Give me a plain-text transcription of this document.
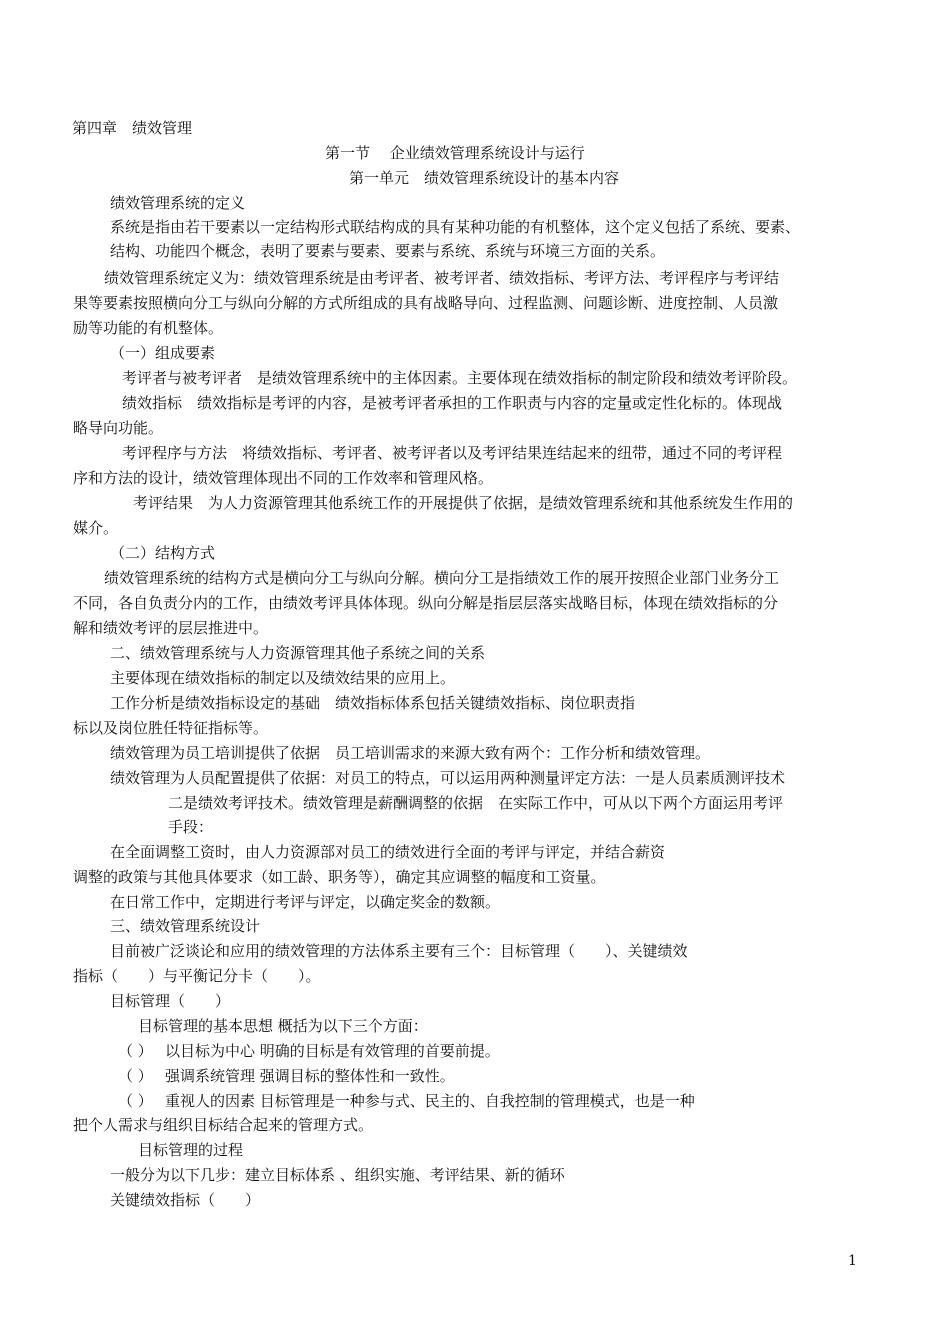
第四章　绩效管理
第一节　 企业绩效管理系统设计与运行
第一单元　绩效管理系统设计的基本内容
绩效管理系统的定义
系统是指由若干要素以一定结构形式联结构成的具有某种功能的有机整体，这个定义包括了系统、要素、
结构、功能四个概念，表明了要素与要素、要素与系统、系统与环境三方面的关系。
绩效管理系统定义为：绩效管理系统是由考评者、被考评者、绩效指标、考评方法、考评程序与考评结
果等要素按照横向分工与纵向分解的方式所组成的具有战略导向、过程监测、问题诊断、进度控制、人员激
励等功能的有机整体。
（一）组成要素
考评者与被考评者　是绩效管理系统中的主体因素。主要体现在绩效指标的制定阶段和绩效考评阶段。
绩效指标　绩效指标是考评的内容，是被考评者承担的工作职责与内容的定量或定性化标的。体现战
略导向功能。
考评程序与方法　将绩效指标、考评者、被考评者以及考评结果连结起来的纽带，通过不同的考评程
序和方法的设计，绩效管理体现出不同的工作效率和管理风格。
考评结果　为人力资源管理其他系统工作的开展提供了依据，是绩效管理系统和其他系统发生作用的
媒介。
（二）结构方式
绩效管理系统的结构方式是横向分工与纵向分解。横向分工是指绩效工作的展开按照企业部门业务分工
不同，各自负责分内的工作，由绩效考评具体体现。纵向分解是指层层落实战略目标，体现在绩效指标的分
解和绩效考评的层层推进中。
二、绩效管理系统与人力资源管理其他子系统之间的关系
主要体现在绩效指标的制定以及绩效结果的应用上。
工作分析是绩效指标设定的基础　绩效指标体系包括关键绩效指标、岗位职责指
标以及岗位胜任特征指标等。
绩效管理为员工培训提供了依据　员工培训需求的来源大致有两个：工作分析和绩效管理。
绩效管理为人员配置提供了依据：对员工的特点，可以运用两种测量评定方法：一是人员素质测评技术
二是绩效考评技术。绩效管理是薪酬调整的依据　在实际工作中，可从以下两个方面运用考评
手段：
在全面调整工资时，由人力资源部对员工的绩效进行全面的考评与评定，并结合薪资
调整的政策与其他具体要求（如工龄、职务等），确定其应调整的幅度和工资量。
在日常工作中，定期进行考评与评定，以确定奖金的数额。
三、绩效管理系统设计
目前被广泛谈论和应用的绩效管理的方法体系主要有三个：目标管理（　　）、关键绩效
指标（　　）与平衡记分卡（　　）。
目标管理（　　）
目标管理的基本思想 概括为以下三个方面：
（ ）　 以目标为中心 明确的目标是有效管理的首要前提。
（ ）　 强调系统管理 强调目标的整体性和一致性。
（ ）　 重视人的因素 目标管理是一种参与式、民主的、自我控制的管理模式，也是一种
把个人需求与组织目标结合起来的管理方式。
目标管理的过程
一般分为以下几步：建立目标体系 、组织实施、考评结果、新的循环
关键绩效指标（　　）
1
